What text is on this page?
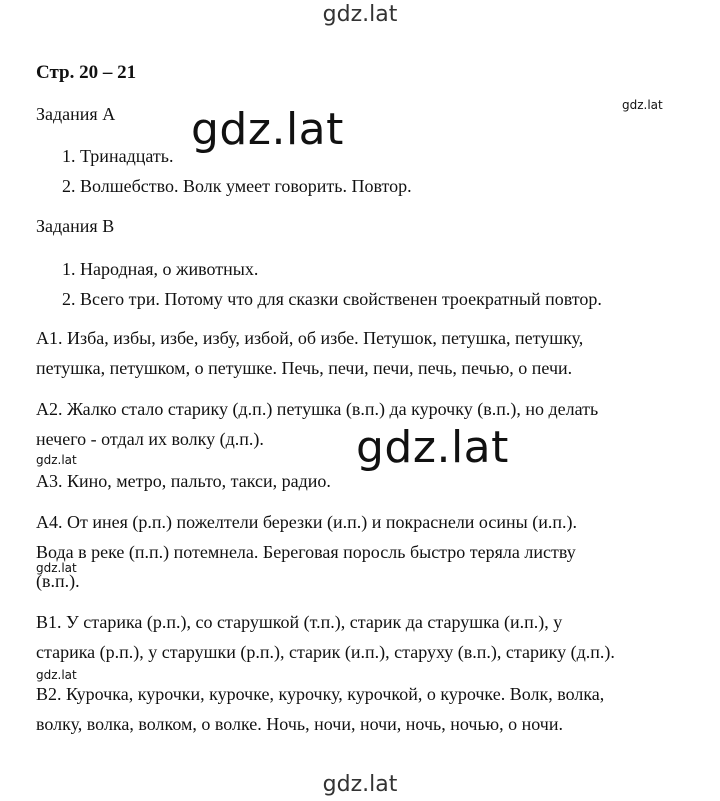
gdz.lat
gdz.lat
gdz.lat
gdz.lat
gdz.lat
gdz.lat
gdz.lat
gdz.lat
Стр. 20 – 21
Задания А
1. Тринадцать.
2. Волшебство. Волк умеет говорить. Повтор.
Задания В
1. Народная, о животных.
2. Всего три. Потому что для сказки свойственен троекратный повтор.
А1. Изба, избы, избе, избу, избой, об избе. Петушок, петушка, петушку,
петушка, петушком, о петушке. Печь, печи, печи, печь, печью, о печи.
А2. Жалко стало старику (д.п.) петушка (в.п.) да курочку (в.п.), но делать
нечего - отдал их волку (д.п.).
А3. Кино, метро, пальто, такси, радио.
А4. От инея (р.п.) пожелтели березки (и.п.) и покраснели осины (и.п.).
Вода в реке (п.п.) потемнела. Береговая поросль быстро теряла листву
(в.п.).
В1. У старика (р.п.), со старушкой (т.п.), старик да старушка (и.п.), у
старика (р.п.), у старушки (р.п.), старик (и.п.), старуху (в.п.), старику (д.п.).
В2. Курочка, курочки, курочке, курочку, курочкой, о курочке. Волк, волка,
волку, волка, волком, о волке. Ночь, ночи, ночи, ночь, ночью, о ночи.
